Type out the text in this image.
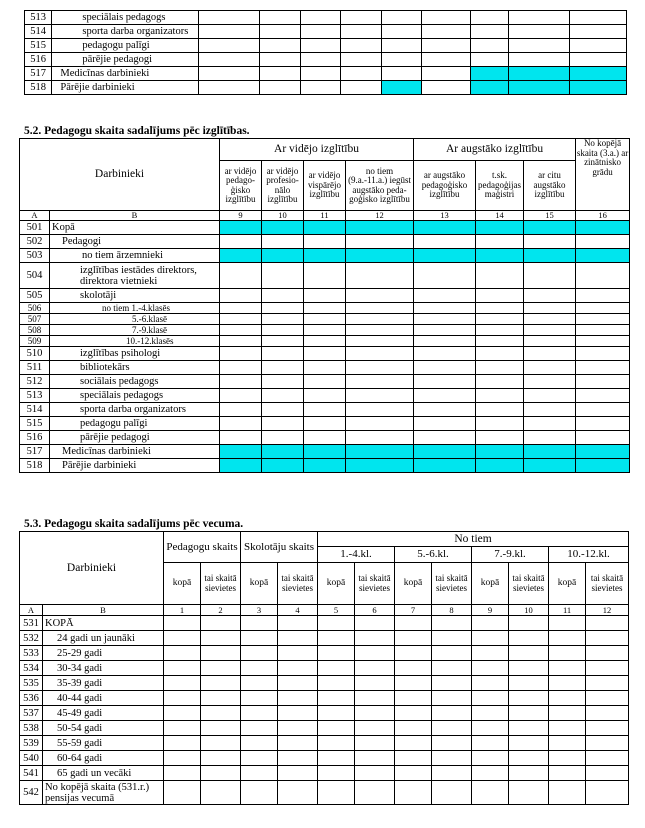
513	speciālais pedagogs									
514	sporta darba organizators									
515	pedagogu palīgi									
516	pārējie pedagogi									
517	Medicīnas darbinieki									
518	Pārējie darbinieki									
5.2. Pedagogu skaita sadalījums pēc izglītības.
Darbinieki		Ar vidējo izglītību				Ar augstāko izglītību			No kopējā skaita (3.a.) ar zinātnisko grādu
		ar vidējo pedago-ģisko izglītību	ar vidējo profesio-nālo izglītību	ar vidējo vispārējo izglītību	no tiem (9.a.-11.a.) iegūst augstāko peda-goģisko izglītību	ar augstāko pedagoģisko izglītību	t.sk. pedagoģijas maģistri	ar citu augstāko izglītību	
A	B	9	10	11	12	13	14	15	16
501	Kopā								
502	Pedagogi								
503	no tiem ārzemnieki								
504	izglītības iestādes direktors, direktora vietnieki								
505	skolotāji								
506	no tiem 1.-4.klasēs								
507	5.-6.klasē								
508	7.-9.klasē								
509	10.-12.klasēs								
510	izglītības psihologi								
511	bibliotekārs								
512	sociālais pedagogs								
513	speciālais pedagogs								
514	sporta darba organizators								
515	pedagogu palīgi								
516	pārējie pedagogi								
517	Medicīnas darbinieki								
518	Pārējie darbinieki								
5.3. Pedagogu skaita sadalījums pēc vecuma.
Darbinieki		Pedagogu skaits		Skolotāju skaits		No tiem							
						1.-4.kl.		5.-6.kl.		7.-9.kl.		10.-12.kl.	
		kopā	tai skaitā sievietes	kopā	tai skaitā sievietes	kopā	tai skaitā sievietes	kopā	tai skaitā sievietes	kopā	tai skaitā sievietes	kopā	tai skaitā sievietes
A	B	1	2	3	4	5	6	7	8	9	10	11	12
531	KOPĀ												
532	24 gadi un jaunāki												
533	25-29 gadi												
534	30-34 gadi												
535	35-39 gadi												
536	40-44 gadi												
537	45-49 gadi												
538	50-54 gadi												
539	55-59 gadi												
540	60-64 gadi												
541	65 gadi un vecāki												
542	No kopējā skaita (531.r.) pensijas vecumā												
